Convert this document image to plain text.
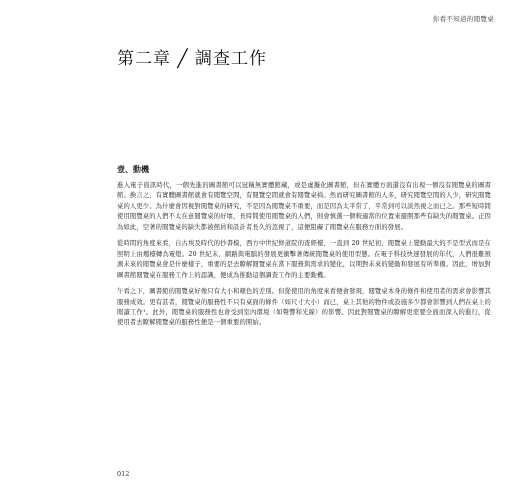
你看不知道的閱覽桌
第二章 ╱ 調查工作
壹、動機

進入電子資訊時代，一個先進的圖書館可以冠稱無實體館藏，或是虛擬化圖書館，但在實體方面還沒有出現一個沒有閱覽桌的圖書館。換言之，有實體圖書館就會有閱覽空間，有閱覽空間就會有閱覽桌椅。然而研究圖書館的人多，研究閱覽空間的人少，研究閱覽桌的人更少。為什麼會因視對閱覽桌的研究，不是因為閱覽桌不重要，而是因為太平常了，平常到可以淡然視之而已之。那些短時間使用閱覽桌的人們不太在意閱覽桌的好壞，長時間使用閱覽桌的人們，則會慎選一個較適當的位置來避開那些有缺失的閱覽桌。正因為如此，空著的閱覽桌的缺失都被館員和設計者長久的忽視了，這便阻礙了閱覽桌在服務方面的發展。

從時間的角度來看，自古埃及時代的抄書模，西方中世紀修道院的查經檯，一直到 20 世紀初，閱覽桌上變動最大的不是型式而是在照明上由燭檯轉為電燈。20 世紀末，網路與電腦的發展更衝擊著傳統閱覽桌的使用型態。在電子科技快速發展的年代，人們很難預測未來的閱覽桌會是什麼樣子，重要的是去瞭解閱覽桌在當下服務與需求的變化，以期對未來的變動和發展有所準備。因此，增加對圖書館閱覽桌在服務工作上的認識，便成為推動這個調查工作的主要動機。

午看之下，圖書館的閱覽桌好像只有大小和顏色的差別。但從使用的角度來看便會發現，閱覽桌本身的條件和使用者的需求會影響其服務成效。更有甚者，閱覽桌的服務性不只有桌面的條件（如尺寸大小）而已，桌上其他的物件或設施多少都會影響到人們在桌上的閱讀工作¹。此外，閱覽桌的服務性也會受到室內環境（如聲響和光線）的影響。因此對閱覽桌的瞭解更需要全面而深入的進行，從使用者去瞭解閱覽桌的服務性便是一個重要的開始。

012
